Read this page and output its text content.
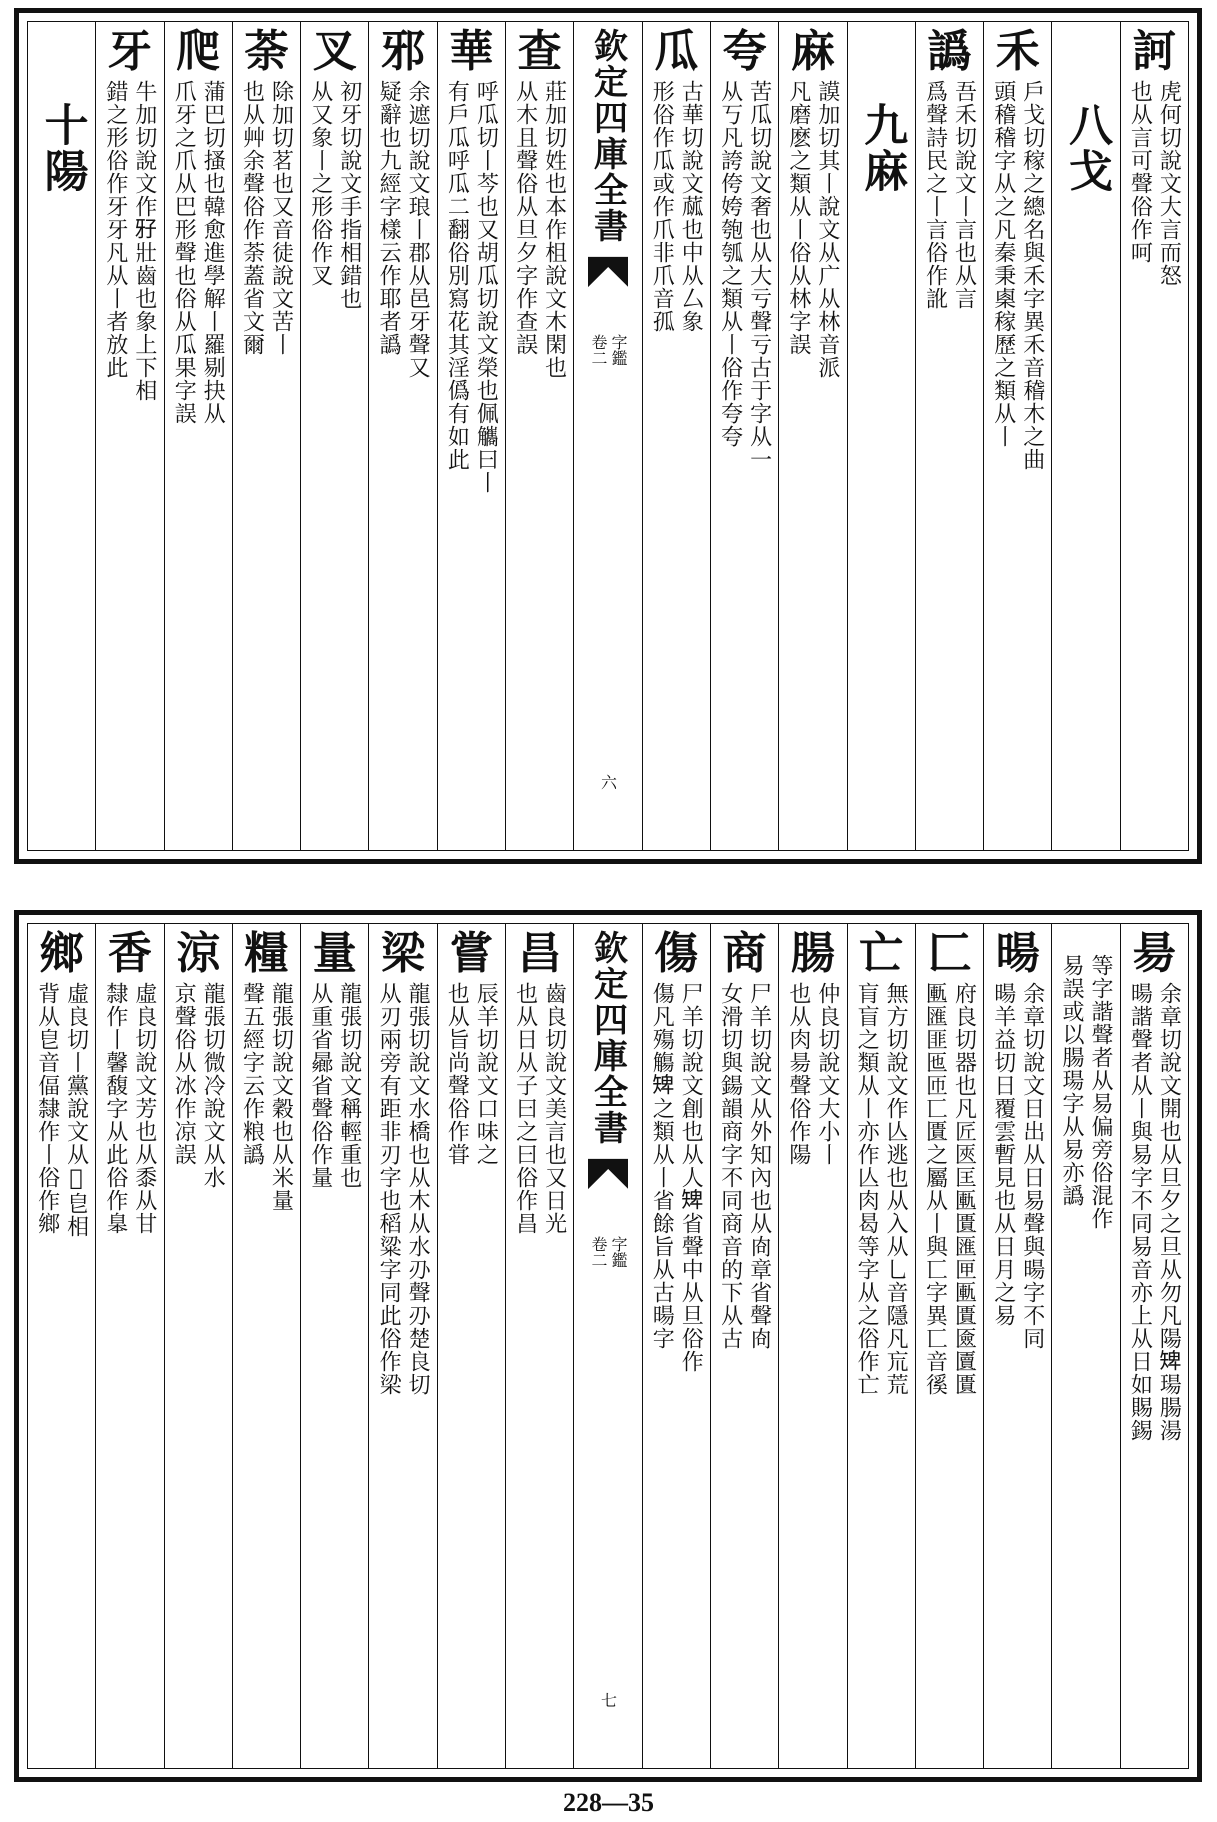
訶
虎何切說文大言而怒
也从言可聲俗作呵
八戈
禾
戶戈切稼之總名與禾字異禾音稽木之曲
頭稽稽字从之凡秦秉㮚稼歷之類从丨
譌
吾禾切說文丨言也从言
爲聲詩民之丨言俗作訛
九麻
麻
謨加切其丨說文从广从林音派
凡磨麽之類从丨俗从林字誤
夸
苦瓜切說文奢也从大亏聲亏古于字从一
从丂凡誇侉姱匏瓠之類从丨俗作夸夸
瓜
古華切說文蓏也中从厶象
形俗作瓜或作爪非爪音孤
欽定四庫全書
字鑑
卷二
六
查
莊加切姓也本作柤說文木閑也
从木且聲俗从旦夕字作查誤
華
呼瓜切丨芩也又胡瓜切說文榮也佩觿曰丨
有戶瓜呼瓜二翻俗別寫花其淫僞有如此
邪
余遮切說文琅丨郡从邑牙聲又
疑辭也九經字樣云作耶者譌
叉
初牙切說文手指相錯也
从又象丨之形俗作叉
荼
除加切茗也又音徒說文苦丨
也从艸余聲俗作荼蓋省文爾
爬
蒲巴切搔也韓愈進學解丨羅剔抉从
爪牙之爪从巴形聲也俗从瓜果字誤
牙
牛加切說文作𤘅壯齒也象上下相
錯之形俗作牙牙凡从丨者放此
十陽
昜
余章切說文開也从旦夕之旦从勿凡陽𥏠瑒腸湯
暘諧聲者从丨與易字不同易音亦上从日如賜錫
等字諧聲者从易偏旁俗混作
易誤或以腸瑒字从易亦譌
暘
余章切說文日出从日易聲與暘字不同
暘羊益切日覆雲暫見也从日月之易
匚
府良切器也凡匠匧匡匭匱匯匣匭匱匳匵匱
匭匯匪匜匝匸匱之屬从丨與匸字異匸音徯
亡
無方切說文作亾逃也从入从乚音隱凡巟荒
肓盲之類从丨亦作亾肉曷等字从之俗作亡
腸
仲良切說文大小丨
也从肉昜聲俗作陽
商
尸羊切說文从外知內也从㕯章省聲㕯
女滑切與鍚韻商字不同商音的下从古
傷
尸羊切說文創也从人𥏠省聲中从旦俗作
傷凡殤觴𥏠之類从丨省餘旨从古暘字
欽定四庫全書
字鑑
卷二
七
昌
齒良切說文美言也又日光
也从日从子曰之曰俗作昌
嘗
辰羊切說文口味之
也从旨尚聲俗作甞
梁
龍張切說文水橋也从木从水刅聲刅楚良切
从刃兩旁有距非刃字也稻粱字同此俗作梁
量
龍張切說文稱輕重也
从重省曏省聲俗作量
糧
龍張切說文穀也从米量
聲五經字云作粮譌
涼
龍張切微冷說文从水
京聲俗从冰作凉誤
香
虛良切說文芳也从黍从甘
隸作丨馨馥字从此俗作𦤎
鄉
虛良切丨黨說文从𨛜皀相
背从皀音偪隸作丨俗作鄉
228—35
